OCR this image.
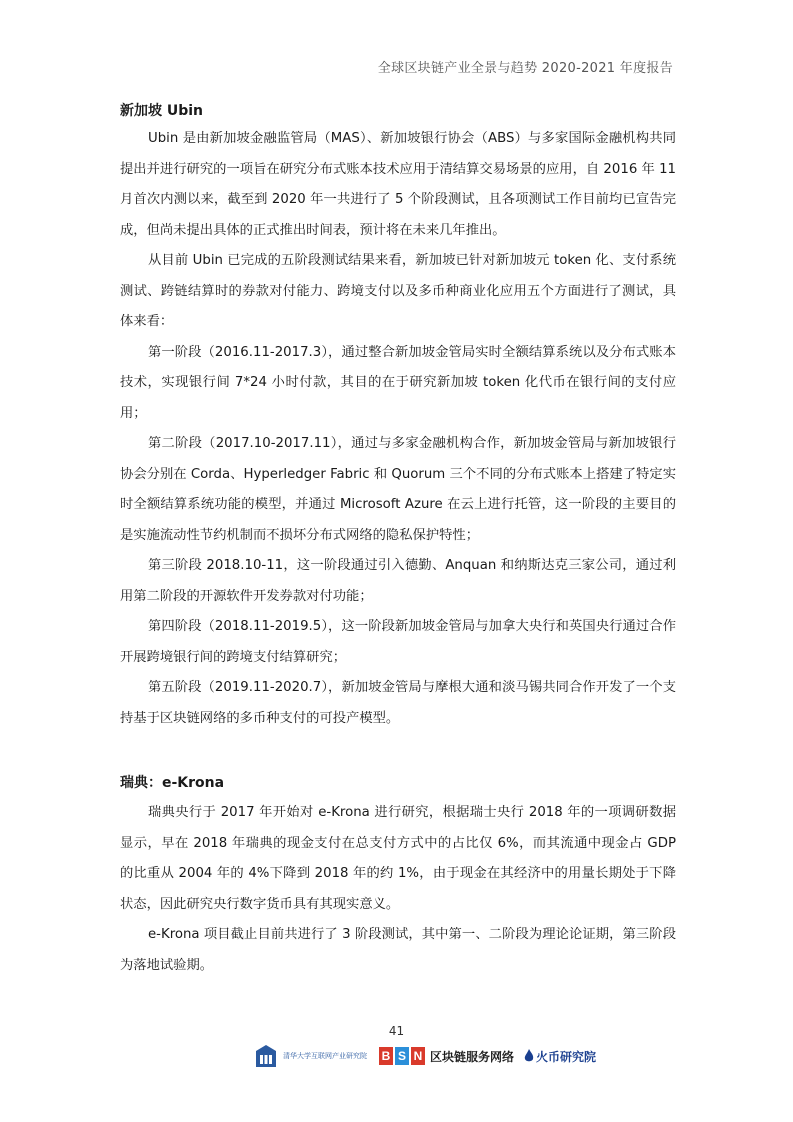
全球区块链产业全景与趋势 2020-2021 年度报告

新加坡 Ubin

Ubin 是由新加坡金融监管局（MAS）、新加坡银行协会（ABS）与多家国际金融机构共同提出并进行研究的一项旨在研究分布式账本技术应用于清结算交易场景的应用，自 2016 年 11 月首次内测以来，截至到 2020 年一共进行了 5 个阶段测试，且各项测试工作目前均已宣告完成，但尚未提出具体的正式推出时间表，预计将在未来几年推出。

从目前 Ubin 已完成的五阶段测试结果来看，新加坡已针对新加坡元 token 化、支付系统测试、跨链结算时的券款对付能力、跨境支付以及多币种商业化应用五个方面进行了测试，具体来看：

第一阶段（2016.11-2017.3），通过整合新加坡金管局实时全额结算系统以及分布式账本技术，实现银行间 7*24 小时付款，其目的在于研究新加坡 token 化代币在银行间的支付应用；

第二阶段（2017.10-2017.11），通过与多家金融机构合作，新加坡金管局与新加坡银行协会分别在 Corda、Hyperledger Fabric 和 Quorum 三个不同的分布式账本上搭建了特定实时全额结算系统功能的模型，并通过 Microsoft Azure 在云上进行托管，这一阶段的主要目的是实施流动性节约机制而不损坏分布式网络的隐私保护特性；

第三阶段 2018.10-11，这一阶段通过引入德勤、Anquan 和纳斯达克三家公司，通过利用第二阶段的开源软件开发券款对付功能；

第四阶段（2018.11-2019.5），这一阶段新加坡金管局与加拿大央行和英国央行通过合作开展跨境银行间的跨境支付结算研究；

第五阶段（2019.11-2020.7），新加坡金管局与摩根大通和淡马锡共同合作开发了一个支持基于区块链网络的多币种支付的可投产模型。

瑞典：e-Krona

瑞典央行于 2017 年开始对 e-Krona 进行研究，根据瑞士央行 2018 年的一项调研数据显示，早在 2018 年瑞典的现金支付在总支付方式中的占比仅 6%，而其流通中现金占 GDP 的比重从 2004 年的 4%下降到 2018 年的约 1%，由于现金在其经济中的用量长期处于下降状态，因此研究央行数字货币具有其现实意义。

e-Krona 项目截止目前共进行了 3 阶段测试，其中第一、二阶段为理论论证期，第三阶段为落地试验期。

41
清华大学互联网产业研究院	B S N 区块链服务网络 火币研究院
